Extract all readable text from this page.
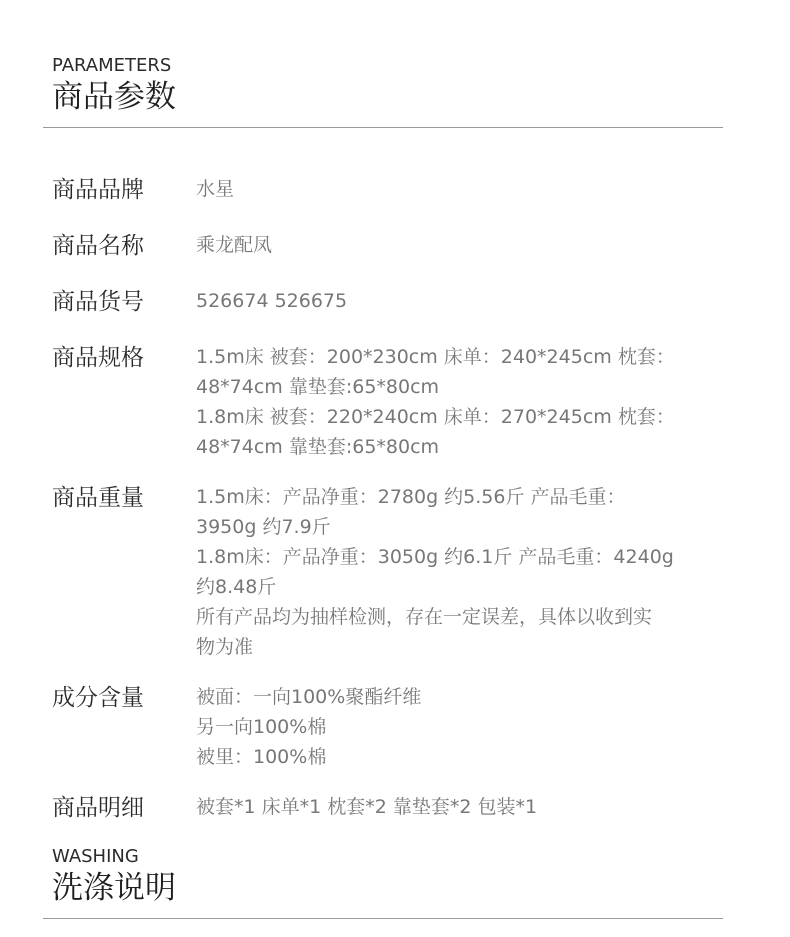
PARAMETERS
商品参数
商品品牌	水星
商品名称	乘龙配凤
商品货号	526674 526675
商品规格	1.5m床 被套：200*230cm 床单：240*245cm 枕套：
48*74cm 靠垫套:65*80cm
1.8m床 被套：220*240cm 床单：270*245cm 枕套：
48*74cm 靠垫套:65*80cm
商品重量	1.5m床：产品净重：2780g 约5.56斤 产品毛重：
3950g 约7.9斤
1.8m床：产品净重：3050g 约6.1斤 产品毛重：4240g
约8.48斤
所有产品均为抽样检测，存在一定误差，具体以收到实
物为准
成分含量	被面：一向100%聚酯纤维
另一向100%棉
被里：100%棉
商品明细	被套*1 床单*1 枕套*2 靠垫套*2 包装*1
WASHING
洗涤说明
